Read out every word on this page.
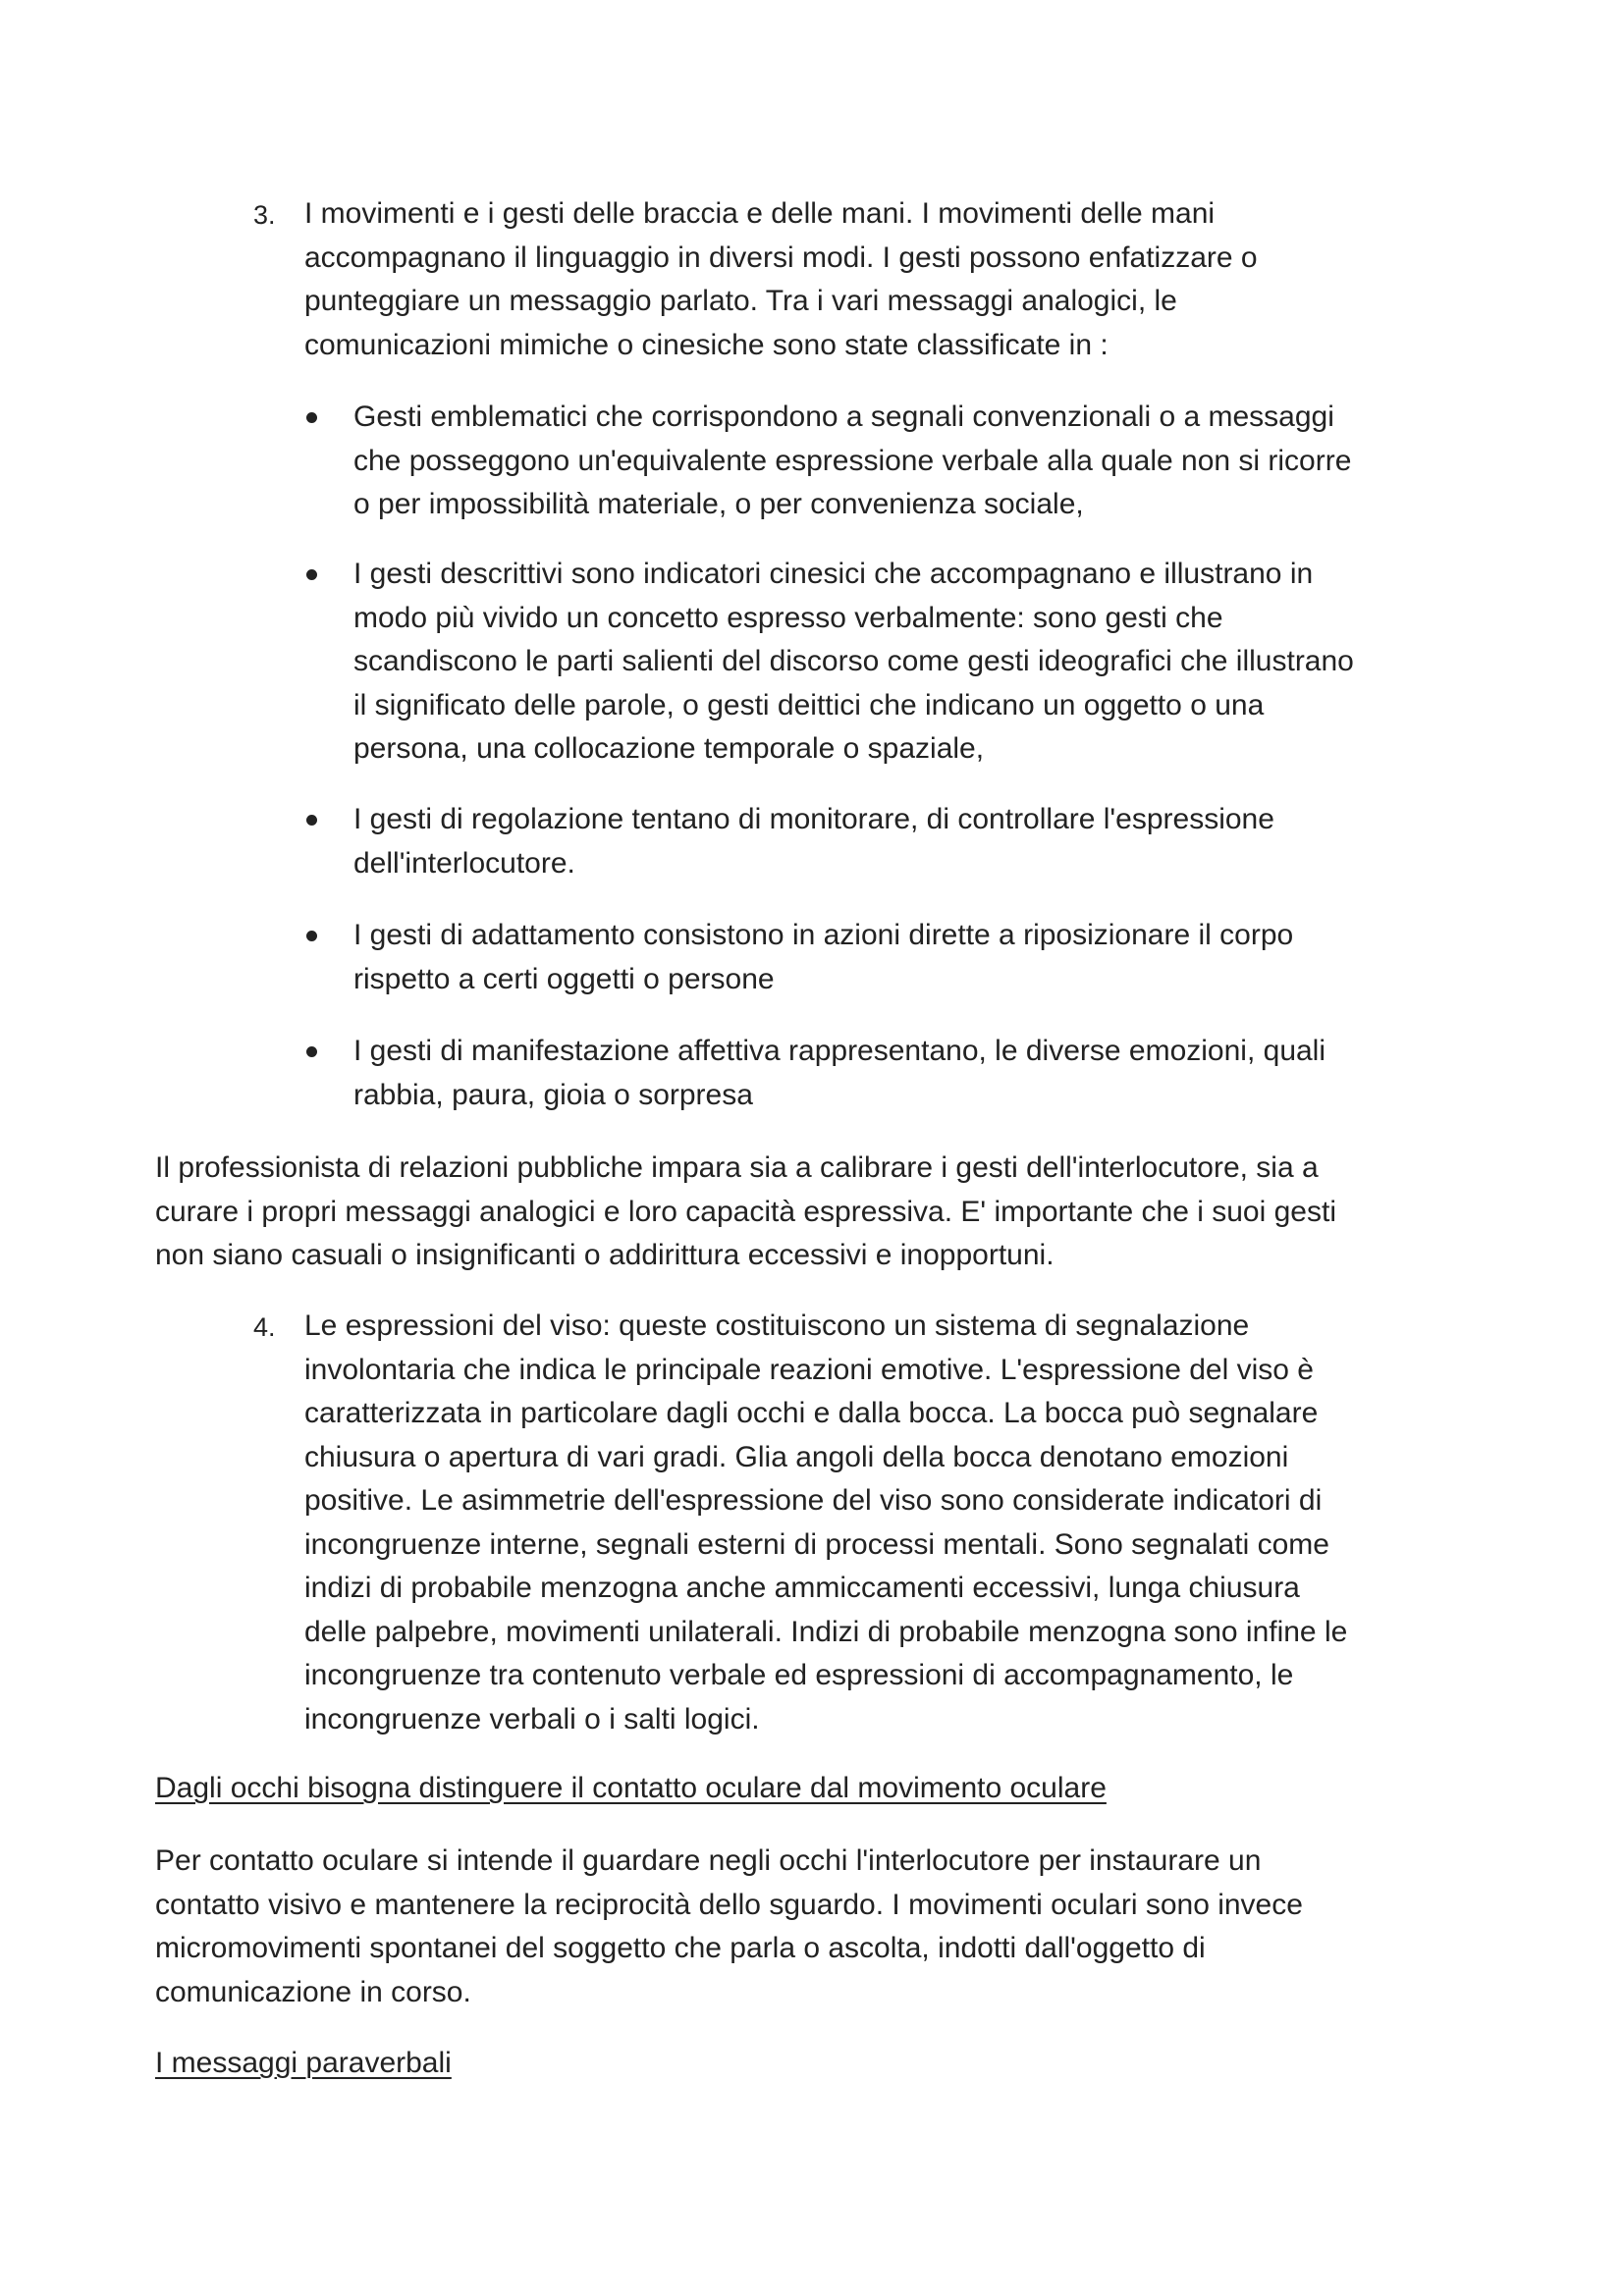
3. I movimenti e i gesti delle braccia e delle mani. I movimenti delle mani
accompagnano il linguaggio in diversi modi. I gesti possono enfatizzare o
punteggiare un messaggio parlato. Tra i vari messaggi analogici, le
comunicazioni mimiche o cinesiche sono state classificate in :
Gesti emblematici che corrispondono a segnali convenzionali o a messaggi
che posseggono un'equivalente espressione verbale alla quale non si ricorre
o per impossibilità materiale, o per convenienza sociale,
I gesti descrittivi sono indicatori cinesici che accompagnano e illustrano in
modo più vivido un concetto espresso verbalmente: sono gesti che
scandiscono le parti salienti del discorso come gesti ideografici che illustrano
il significato delle parole, o gesti deittici che indicano un oggetto o una
persona, una collocazione temporale o spaziale,
I gesti di regolazione tentano di monitorare, di controllare l'espressione
dell'interlocutore.
I gesti di adattamento consistono in azioni dirette a riposizionare il corpo
rispetto a certi oggetti o persone
I gesti di manifestazione affettiva rappresentano, le diverse emozioni, quali
rabbia, paura, gioia o sorpresa
Il professionista di relazioni pubbliche impara sia a calibrare i gesti dell'interlocutore, sia a
curare i propri messaggi analogici e loro capacità espressiva. E' importante che i suoi gesti
non siano casuali o insignificanti o addirittura eccessivi e inopportuni.
4. Le espressioni del viso: queste costituiscono un sistema di segnalazione
involontaria che indica le principale reazioni emotive. L'espressione del viso è
caratterizzata in particolare dagli occhi e dalla bocca. La bocca può segnalare
chiusura o apertura di vari gradi. Glia angoli della bocca denotano emozioni
positive. Le asimmetrie dell'espressione del viso sono considerate indicatori di
incongruenze interne, segnali esterni di processi mentali. Sono segnalati come
indizi di probabile menzogna anche ammiccamenti eccessivi, lunga chiusura
delle palpebre, movimenti unilaterali. Indizi di probabile menzogna sono infine le
incongruenze tra contenuto verbale ed espressioni di accompagnamento, le
incongruenze verbali o i salti logici.
Dagli occhi bisogna distinguere il contatto oculare dal movimento oculare
Per contatto oculare si intende il guardare negli occhi l'interlocutore per instaurare un
contatto visivo e mantenere la reciprocità dello sguardo. I movimenti oculari sono invece
micromovimenti spontanei del soggetto che parla o ascolta, indotti dall'oggetto di
comunicazione in corso.
I messaggi paraverbali
